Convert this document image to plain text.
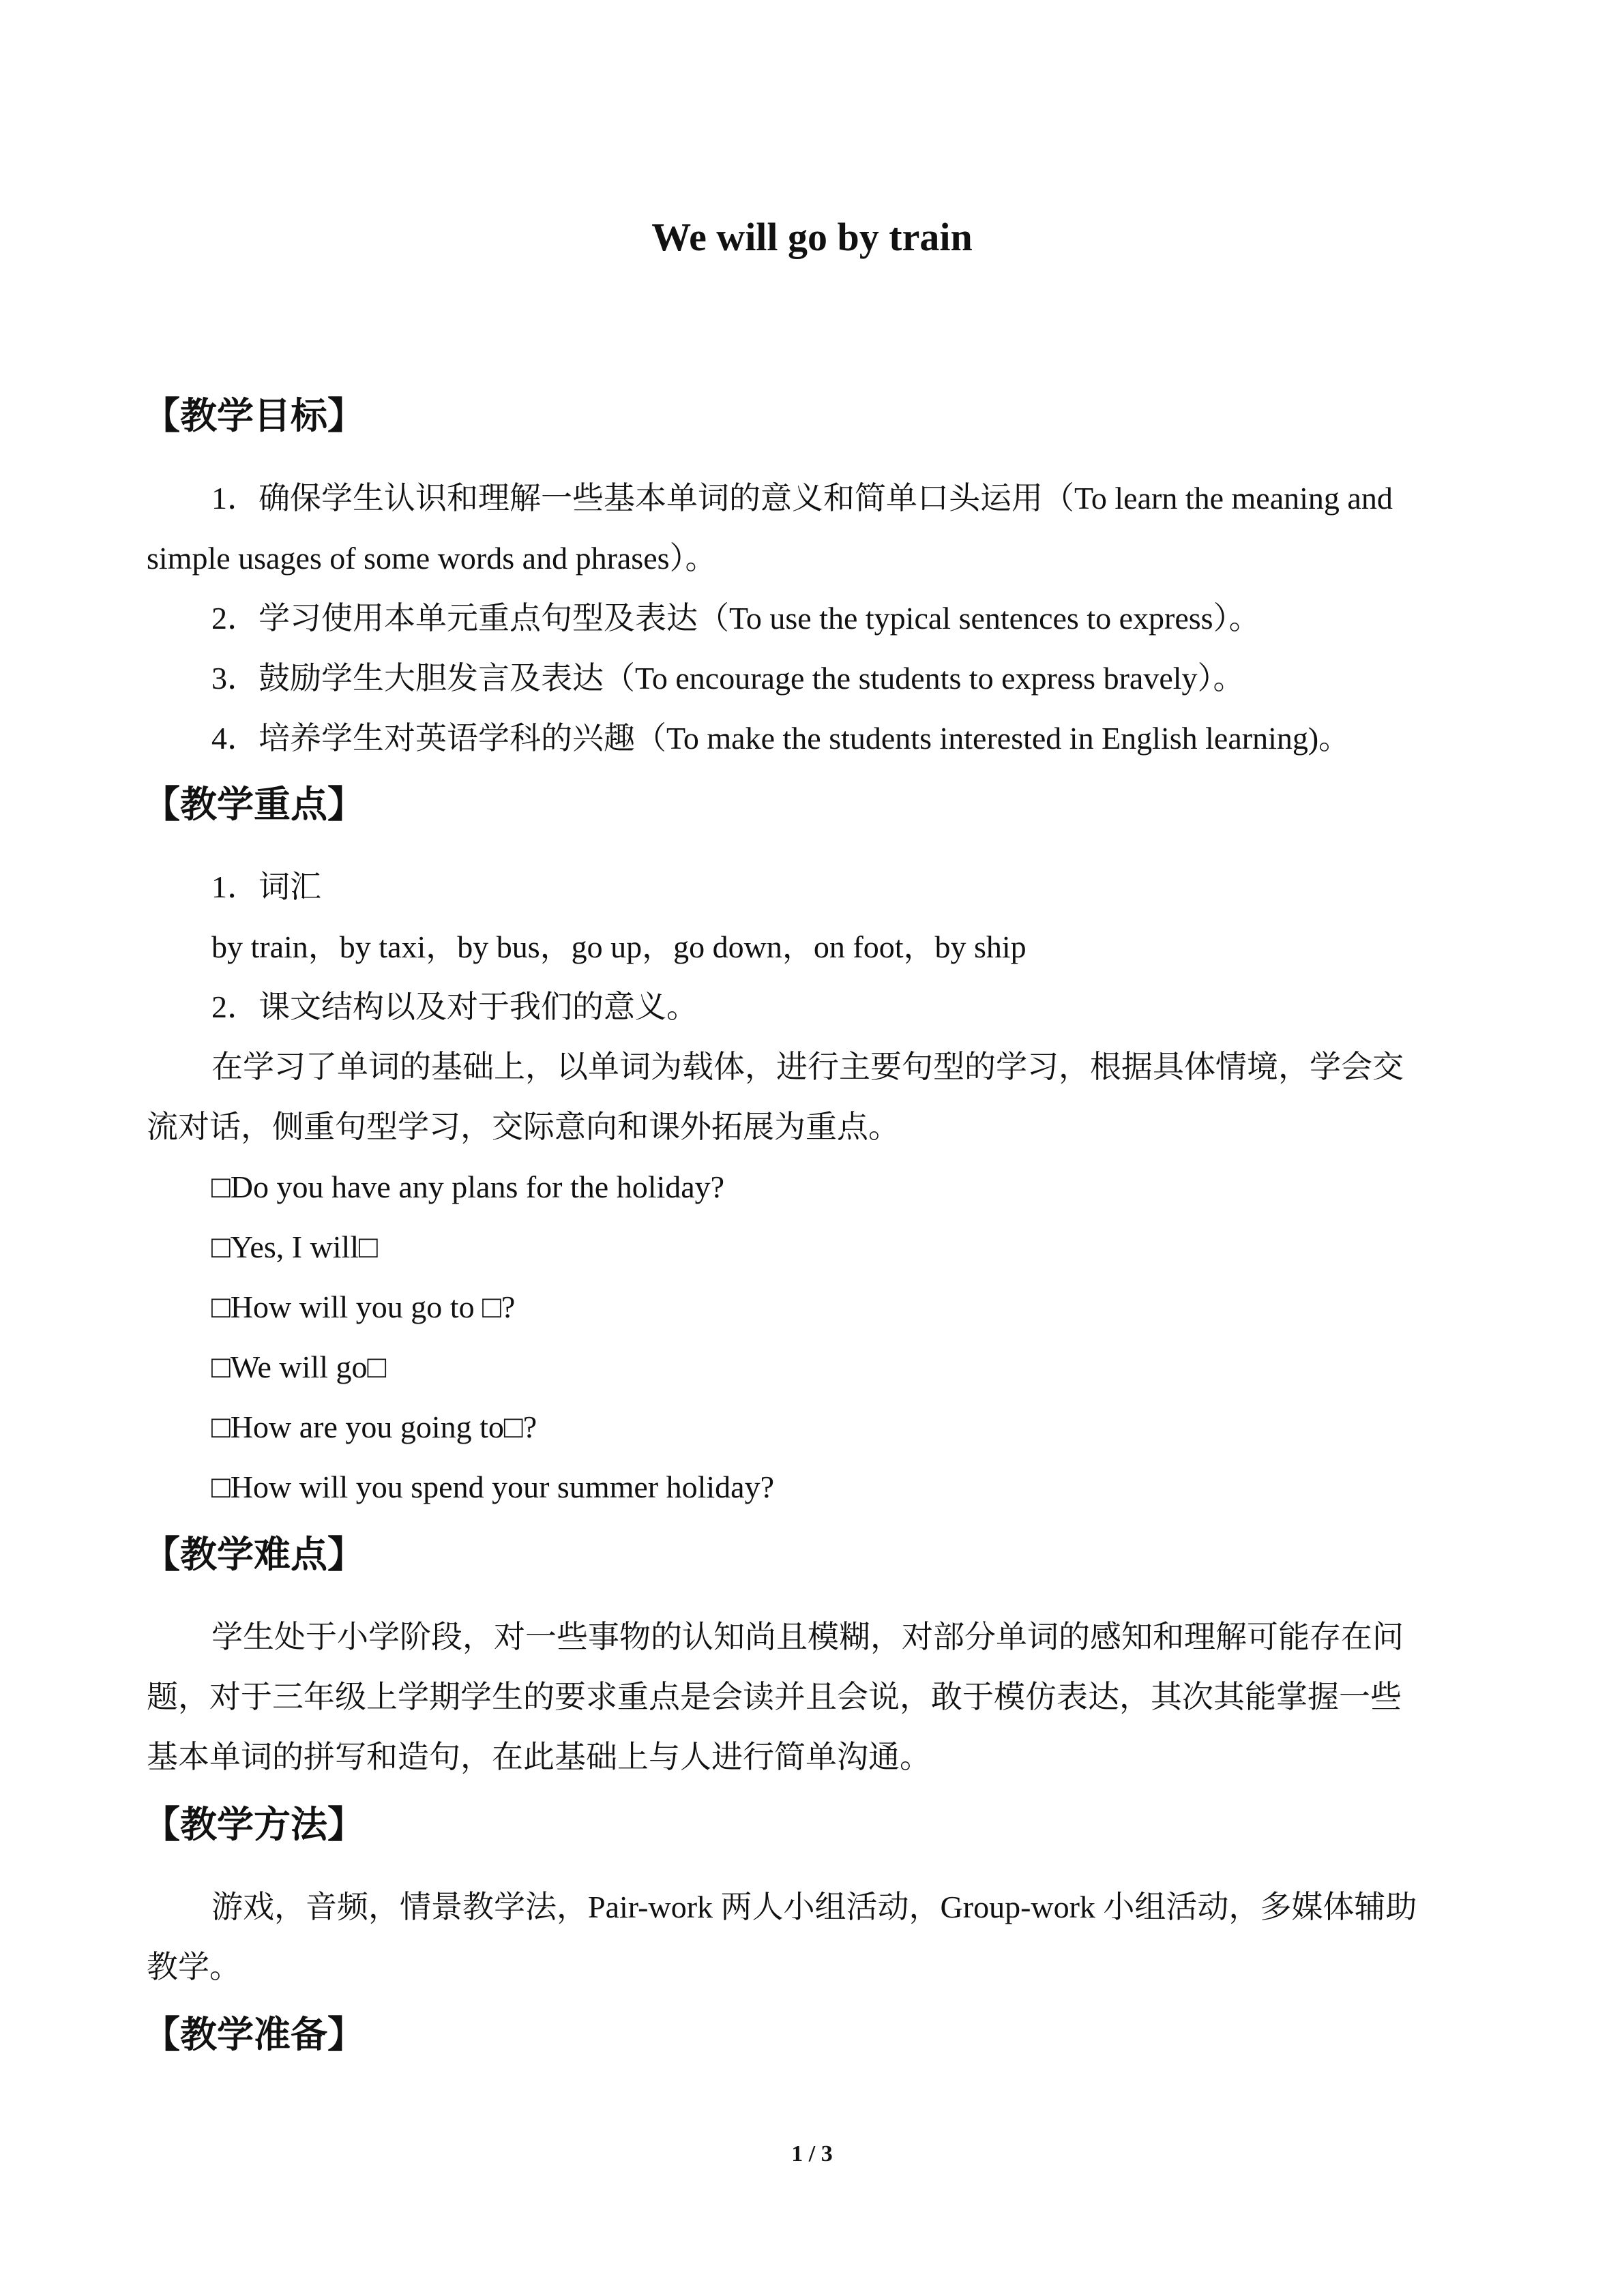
We will go by train
【教学目标】
1．确保学生认识和理解一些基本单词的意义和简单口头运用（To learn the meaning and
simple usages of some words and phrases）。
2．学习使用本单元重点句型及表达（To use the typical sentences to express）。
3．鼓励学生大胆发言及表达（To encourage the students to express bravely）。
4．培养学生对英语学科的兴趣（To make the students interested in English learning)。
【教学重点】
1．词汇
by train，by taxi，by bus，go up，go down，on foot，by ship
2．课文结构以及对于我们的意义。
在学习了单词的基础上，以单词为载体，进行主要句型的学习，根据具体情境，学会交
流对话，侧重句型学习，交际意向和课外拓展为重点。
□Do you have any plans for the holiday?
□Yes, I will□
□How will you go to □?
□We will go□
□How are you going to□?
□How will you spend your summer holiday?
【教学难点】
学生处于小学阶段，对一些事物的认知尚且模糊，对部分单词的感知和理解可能存在问
题，对于三年级上学期学生的要求重点是会读并且会说，敢于模仿表达，其次其能掌握一些
基本单词的拼写和造句，在此基础上与人进行简单沟通。
【教学方法】
游戏，音频，情景教学法，Pair-work 两人小组活动，Group-work 小组活动，多媒体辅助
教学。
【教学准备】
1 / 3
